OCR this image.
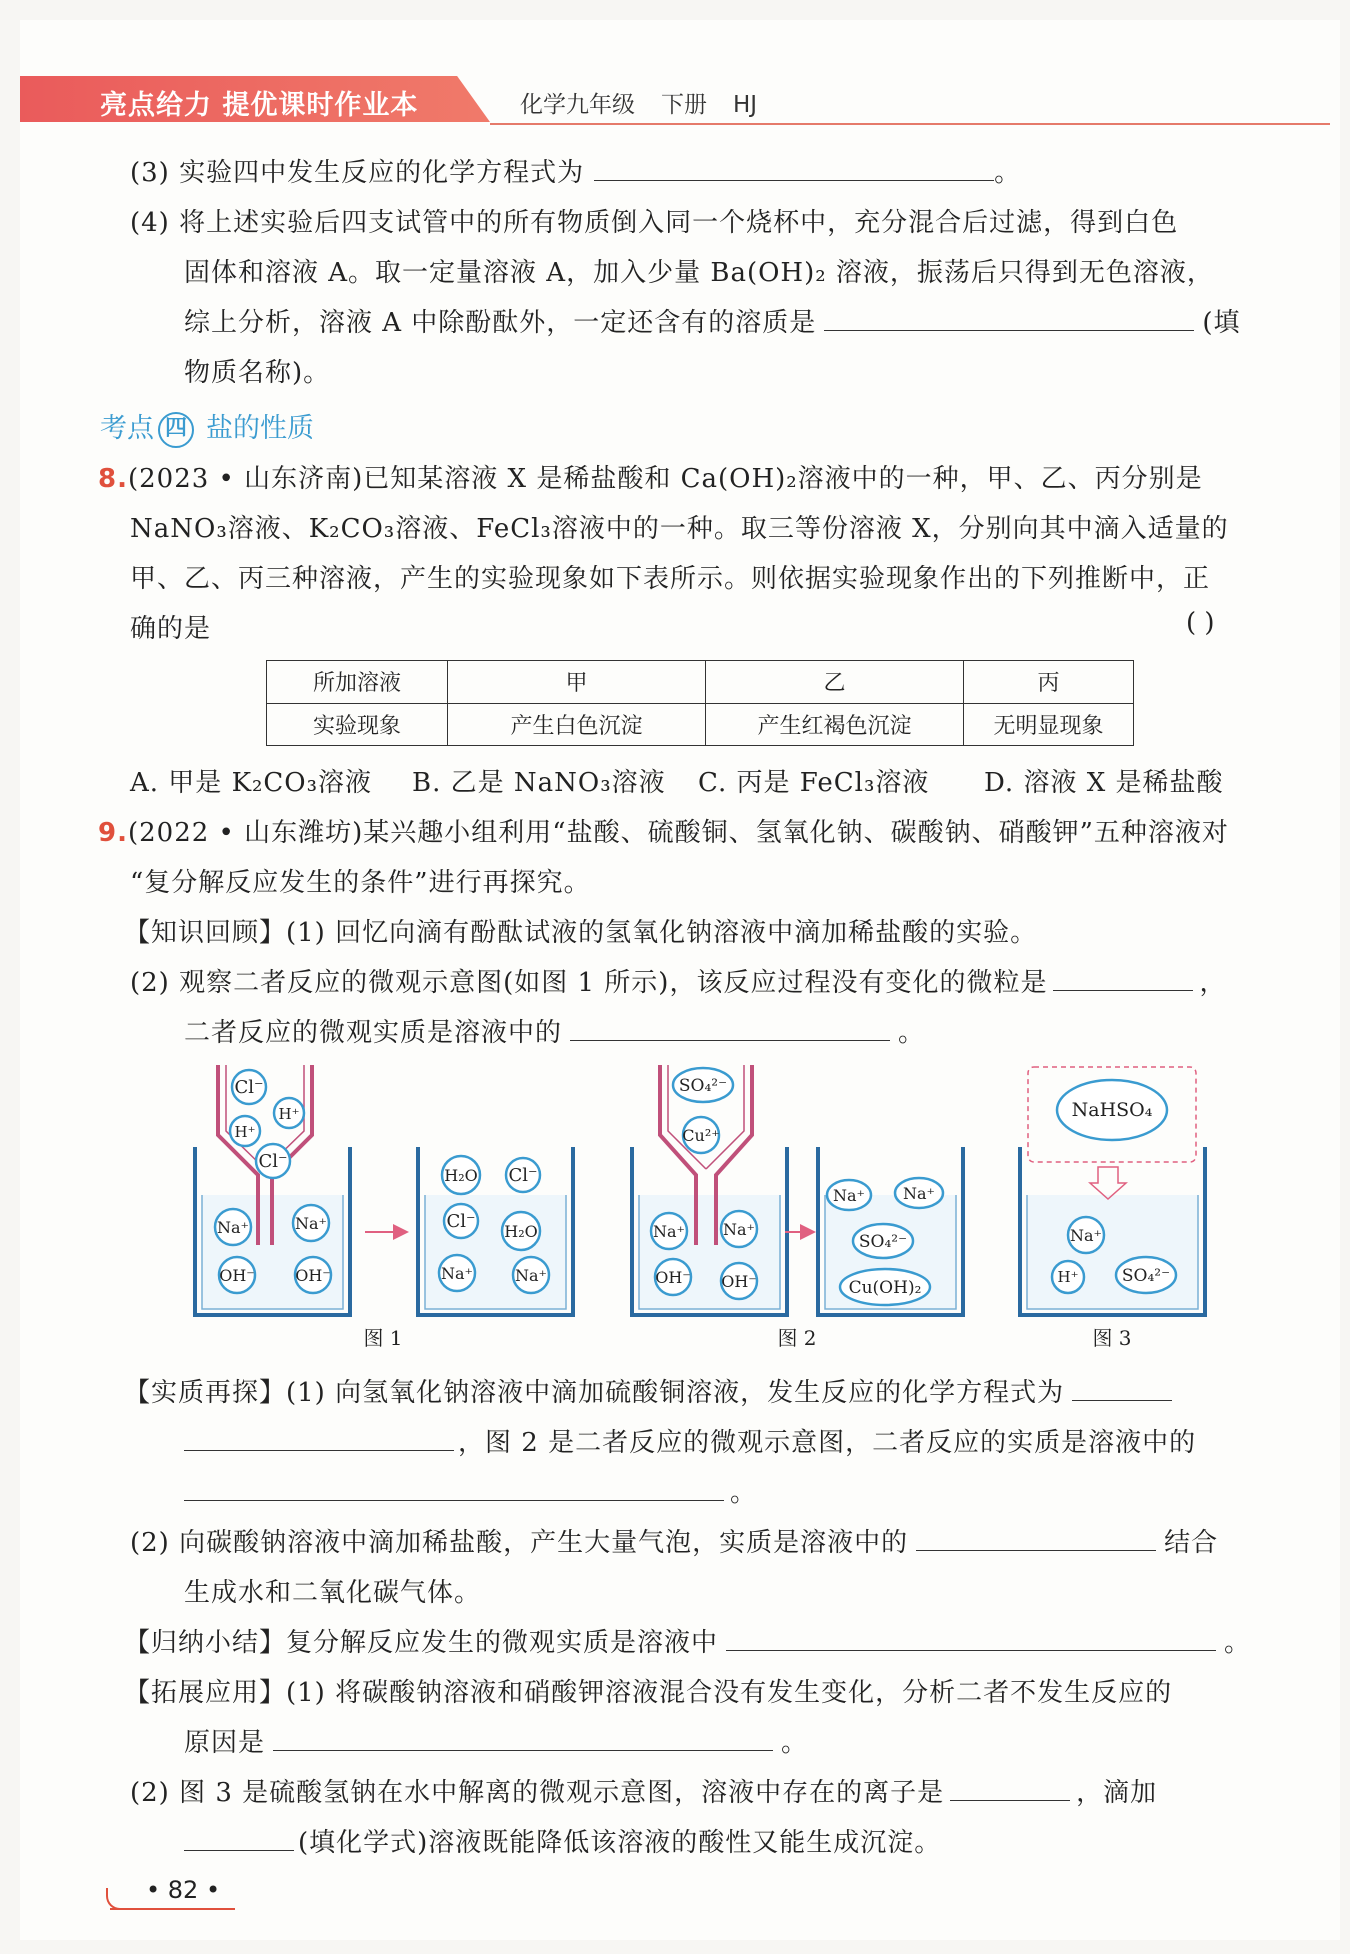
亮点给力 提优课时作业本	化学九年级 下册 HJ
(3) 实验四中发生反应的化学方程式为	。
(4) 将上述实验后四支试管中的所有物质倒入同一个烧杯中，充分混合后过滤，得到白色
固体和溶液 A。取一定量溶液 A，加入少量 Ba(OH)₂ 溶液，振荡后只得到无色溶液，
综上分析，溶液 A 中除酚酞外，一定还含有的溶质是	(填
物质名称)。
考点 四 盐的性质
8.(2023 • 山东济南)已知某溶液 X 是稀盐酸和 Ca(OH)₂溶液中的一种，甲、乙、丙分别是
NaNO₃溶液、K₂CO₃溶液、FeCl₃溶液中的一种。取三等份溶液 X，分别向其中滴入适量的
甲、乙、丙三种溶液，产生的实验现象如下表所示。则依据实验现象作出的下列推断中，正
确的是	( )
所加溶液	甲	乙	丙
实验现象	产生白色沉淀	产生红褐色沉淀	无明显现象
A. 甲是 K₂CO₃溶液 B. 乙是 NaNO₃溶液 C. 丙是 FeCl₃溶液 D. 溶液 X 是稀盐酸
9.(2022 • 山东潍坊)某兴趣小组利用“盐酸、硫酸铜、氢氧化钠、碳酸钠、硝酸钾”五种溶液对
“复分解反应发生的条件”进行再探究。
【知识回顾】(1) 回忆向滴有酚酞试液的氢氧化钠溶液中滴加稀盐酸的实验。
(2) 观察二者反应的微观示意图(如图 1 所示)，该反应过程没有变化的微粒是	，
二者反应的微观实质是溶液中的	。
Cl⁻
H⁺
H⁺
Cl⁻
Na⁺	Na⁺
OH⁻	OH⁻
H₂O Cl⁻
Cl⁻ H₂O
Na⁺	Na⁺
SO₄²⁻
Cu²⁺
Na⁺ Na⁺
OH⁻ OH⁻
Na⁺ Na⁺
SO₄²⁻
Cu(OH)₂
NaHSO₄
Na⁺
H⁺	SO₄²⁻
图 1	图 2	图 3
【实质再探】(1) 向氢氧化钠溶液中滴加硫酸铜溶液，发生反应的化学方程式为
，图 2 是二者反应的微观示意图，二者反应的实质是溶液中的
。
(2) 向碳酸钠溶液中滴加稀盐酸，产生大量气泡，实质是溶液中的	结合
生成水和二氧化碳气体。
【归纳小结】复分解反应发生的微观实质是溶液中	。
【拓展应用】(1) 将碳酸钠溶液和硝酸钾溶液混合没有发生变化，分析二者不发生反应的
原因是	。
(2) 图 3 是硫酸氢钠在水中解离的微观示意图，溶液中存在的离子是	，滴加
(填化学式)溶液既能降低该溶液的酸性又能生成沉淀。
• 82 •
